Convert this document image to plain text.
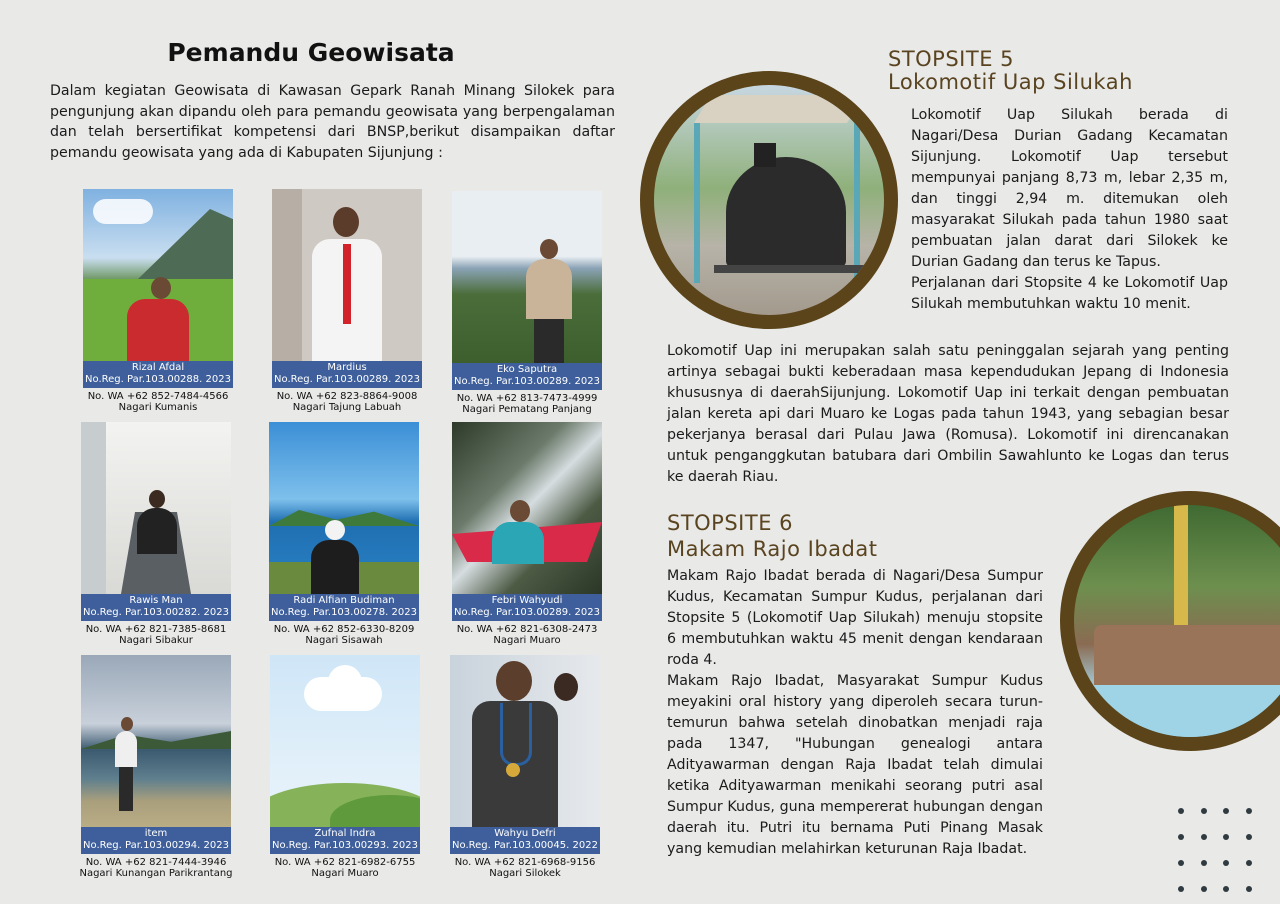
Pemandu Geowisata
Dalam kegiatan Geowisata di Kawasan Gepark Ranah Minang Silokek para pengunjung akan dipandu oleh para pemandu geowisata yang berpengalaman dan telah bersertifikat kompetensi dari BNSP,berikut disampaikan daftar pemandu geowisata yang ada di Kabupaten Sijunjung :
Rizal Afdal
No.Reg. Par.103.00288. 2023
No. WA +62 852-7484-4566
Nagari Kumanis
Mardius
No.Reg. Par.103.00289. 2023
No. WA +62 823-8864-9008
Nagari Tajung Labuah
Eko Saputra
No.Reg. Par.103.00289. 2023
No. WA +62 813-7473-4999
Nagari Pematang Panjang
Rawis Man
No.Reg. Par.103.00282. 2023
No. WA +62 821-7385-8681
Nagari Sibakur
Radi Alfian Budiman
No.Reg. Par.103.00278. 2023
No. WA +62 852-6330-8209
Nagari Sisawah
Febri Wahyudi
No.Reg. Par.103.00289. 2023
No. WA +62 821-6308-2473
Nagari Muaro
item
No.Reg. Par.103.00294. 2023
No. WA +62 821-7444-3946
Nagari Kunangan Parikrantang
Zufnal Indra
No.Reg. Par.103.00293. 2023
No. WA +62 821-6982-6755
Nagari Muaro
Wahyu Defri
No.Reg. Par.103.00045. 2022
No. WA +62 821-6968-9156
Nagari Silokek
STOPSITE 5
Lokomotif Uap Silukah
Lokomotif Uap Silukah berada di Nagari/Desa Durian Gadang Kecamatan Sijunjung. Lokomotif Uap tersebut mempunyai panjang 8,73 m, lebar 2,35 m, dan tinggi 2,94 m. ditemukan oleh masyarakat Silukah pada tahun 1980 saat pembuatan jalan darat dari Silokek ke Durian Gadang dan terus ke Tapus.
Perjalanan dari Stopsite 4 ke Lokomotif Uap Silukah membutuhkan waktu 10 menit.
Lokomotif Uap ini merupakan salah satu peninggalan sejarah yang penting artinya sebagai bukti keberadaan masa kependudukan Jepang di Indonesia khususnya di daerahSijunjung. Lokomotif Uap ini terkait dengan pembuatan jalan kereta api dari Muaro ke Logas pada tahun 1943, yang sebagian besar pekerjanya berasal dari Pulau Jawa (Romusa). Lokomotif ini direncanakan untuk penganggkutan batubara dari Ombilin Sawahlunto ke Logas dan terus ke daerah Riau.
STOPSITE 6
Makam Rajo Ibadat
Makam Rajo Ibadat berada di Nagari/Desa Sumpur Kudus, Kecamatan Sumpur Kudus, perjalanan dari Stopsite 5 (Lokomotif Uap Silukah) menuju stopsite 6 membutuhkan waktu 45 menit dengan kendaraan roda 4.
Makam Rajo Ibadat, Masyarakat Sumpur Kudus meyakini oral history yang diperoleh secara turun-temurun bahwa setelah dinobatkan menjadi raja pada 1347, "Hubungan genealogi antara Adityawarman dengan Raja Ibadat telah dimulai ketika Adityawarman menikahi seorang putri asal Sumpur Kudus, guna mempererat hubungan dengan daerah itu. Putri itu bernama Puti Pinang Masak yang kemudian melahirkan keturunan Raja Ibadat.
